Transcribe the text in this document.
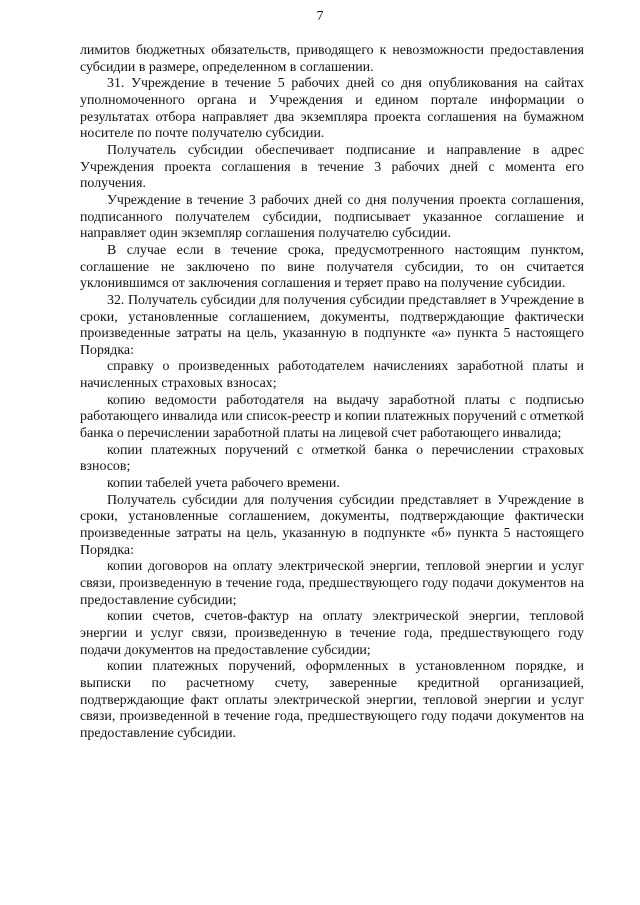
7

лимитов бюджетных обязательств, приводящего к невозможности предоставления субсидии в размере, определенном в соглашении.

31. Учреждение в течение 5 рабочих дней со дня опубликования на сайтах уполномоченного органа и Учреждения и едином портале информации о результатах отбора направляет два экземпляра проекта соглашения на бумажном носителе по почте получателю субсидии.

Получатель субсидии обеспечивает подписание и направление в адрес Учреждения проекта соглашения в течение 3 рабочих дней с момента его получения.

Учреждение в течение 3 рабочих дней со дня получения проекта соглашения, подписанного получателем субсидии, подписывает указанное соглашение и направляет один экземпляр соглашения получателю субсидии.

В случае если в течение срока, предусмотренного настоящим пунктом, соглашение не заключено по вине получателя субсидии, то он считается уклонившимся от заключения соглашения и теряет право на получение субсидии.

32. Получатель субсидии для получения субсидии представляет в Учреждение в сроки, установленные соглашением, документы, подтверждающие фактически произведенные затраты на цель, указанную в подпункте «а» пункта 5 настоящего Порядка:

справку о произведенных работодателем начислениях заработной платы и начисленных страховых взносах;

копию ведомости работодателя на выдачу заработной платы с подписью работающего инвалида или список-реестр и копии платежных поручений с отметкой банка о перечислении заработной платы на лицевой счет работающего инвалида;

копии платежных поручений с отметкой банка о перечислении страховых взносов;

копии табелей учета рабочего времени.

Получатель субсидии для получения субсидии представляет в Учреждение в сроки, установленные соглашением, документы, подтверждающие фактически произведенные затраты на цель, указанную в подпункте «б» пункта 5 настоящего Порядка:

копии договоров на оплату электрической энергии, тепловой энергии и услуг связи, произведенную в течение года, предшествующего году подачи документов на предоставление субсидии;

копии счетов, счетов-фактур на оплату электрической энергии, тепловой энергии и услуг связи, произведенную в течение года, предшествующего году подачи документов на предоставление субсидии;

копии платежных поручений, оформленных в установленном порядке, и выписки по расчетному счету, заверенные кредитной организацией, подтверждающие факт оплаты электрической энергии, тепловой энергии и услуг связи, произведенной в течение года, предшествующего году подачи документов на предоставление субсидии.
